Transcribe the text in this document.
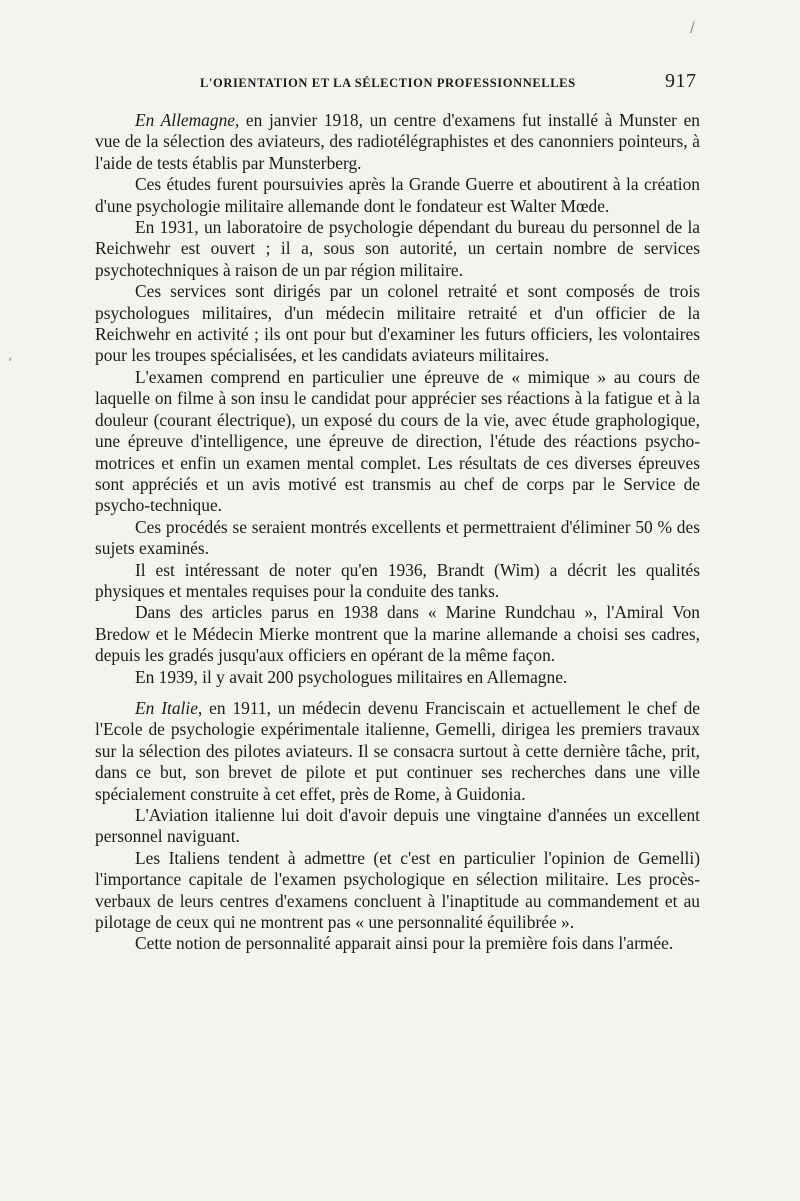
L'ORIENTATION ET LA SÉLECTION PROFESSIONNELLES	917

En Allemagne, en janvier 1918, un centre d'examens fut installé à Munster en vue de la sélection des aviateurs, des radiotélégraphistes et des canonniers pointeurs, à l'aide de tests établis par Munsterberg.

Ces études furent poursuivies après la Grande Guerre et aboutirent à la création d'une psychologie militaire allemande dont le fondateur est Walter Mœde.

En 1931, un laboratoire de psychologie dépendant du bureau du personnel de la Reichwehr est ouvert ; il a, sous son autorité, un certain nombre de services psychotechniques à raison de un par région militaire.

Ces services sont dirigés par un colonel retraité et sont composés de trois psychologues militaires, d'un médecin militaire retraité et d'un officier de la Reichwehr en activité ; ils ont pour but d'examiner les futurs officiers, les volontaires pour les troupes spécialisées, et les candidats aviateurs militaires.

L'examen comprend en particulier une épreuve de « mimique » au cours de laquelle on filme à son insu le candidat pour apprécier ses réactions à la fatigue et à la douleur (courant électrique), un exposé du cours de la vie, avec étude graphologique, une épreuve d'intelligence, une épreuve de direction, l'étude des réactions psycho-motrices et enfin un examen mental complet. Les résultats de ces diverses épreuves sont appréciés et un avis motivé est transmis au chef de corps par le Service de psycho-technique.

Ces procédés se seraient montrés excellents et permettraient d'éliminer 50 % des sujets examinés.

Il est intéressant de noter qu'en 1936, Brandt (Wim) a décrit les qualités physiques et mentales requises pour la conduite des tanks.

Dans des articles parus en 1938 dans « Marine Rundchau », l'Amiral Von Bredow et le Médecin Mierke montrent que la marine allemande a choisi ses cadres, depuis les gradés jusqu'aux officiers en opérant de la même façon.

En 1939, il y avait 200 psychologues militaires en Allemagne.

En Italie, en 1911, un médecin devenu Franciscain et actuellement le chef de l'Ecole de psychologie expérimentale italienne, Gemelli, dirigea les premiers travaux sur la sélection des pilotes aviateurs. Il se consacra surtout à cette dernière tâche, prit, dans ce but, son brevet de pilote et put continuer ses recherches dans une ville spécialement construite à cet effet, près de Rome, à Guidonia.

L'Aviation italienne lui doit d'avoir depuis une vingtaine d'années un excellent personnel naviguant.

Les Italiens tendent à admettre (et c'est en particulier l'opinion de Gemelli) l'importance capitale de l'examen psychologique en sélection militaire. Les procès-verbaux de leurs centres d'examens concluent à l'inaptitude au commandement et au pilotage de ceux qui ne montrent pas « une personnalité équilibrée ».

Cette notion de personnalité apparait ainsi pour la première fois dans l'armée.

ʼ
/
